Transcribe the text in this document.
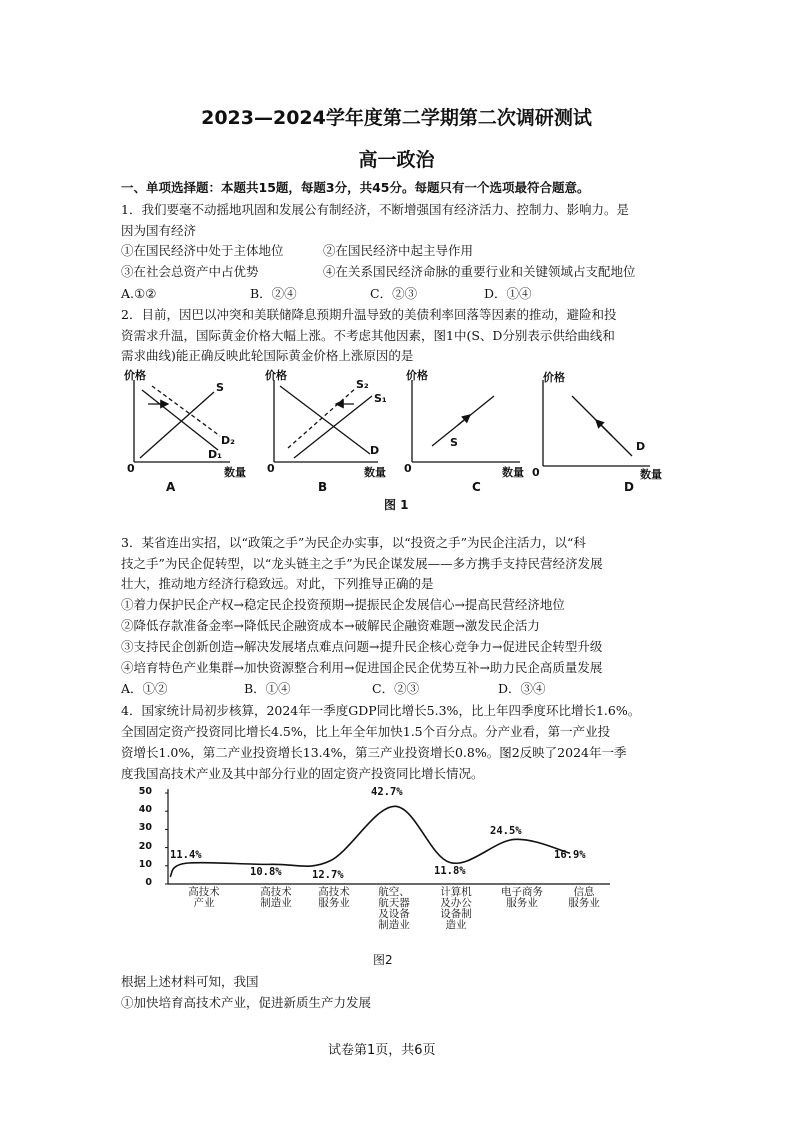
2023—2024学年度第二学期第二次调研测试
高一政治
一、单项选择题：本题共15题，每题3分，共45分。每题只有一个选项最符合题意。
1．我们要毫不动摇地巩固和发展公有制经济，不断增强国有经济活力、控制力、影响力。是
因为国有经济
①在国民经济中处于主体地位	②在国民经济中起主导作用
③在社会总资产中占优势	④在关系国民经济命脉的重要行业和关键领域占支配地位
A.①②	B．②④	C．②③	D．①④
2．目前，因巴以冲突和美联储降息预期升温导致的美债利率回落等因素的推动，避险和投
资需求升温，国际黄金价格大幅上涨。不考虑其他因素，图1中(S、D分别表示供给曲线和
需求曲线)能正确反映此轮国际黄金价格上涨原因的是
价格
0	数量
S
D₂
D₁
A
价格
0	数量
S₂
S₁
D
B
价格
0	数量
S
C
价格
0	数量
D
D
图 1
3．某省连出实招，以“政策之手”为民企办实事，以“投资之手”为民企注活力，以“科
技之手”为民企促转型，以“龙头链主之手”为民企谋发展——多方携手支持民营经济发展
壮大，推动地方经济行稳致远。对此，下列推导正确的是
①着力保护民企产权→稳定民企投资预期→提振民企发展信心→提高民营经济地位
②降低存款准备金率→降低民企融资成本→破解民企融资难题→激发民企活力
③支持民企创新创造→解决发展堵点难点问题→提升民企核心竞争力→促进民企转型升级
④培育特色产业集群→加快资源整合利用→促进国企民企优势互补→助力民企高质量发展
A．①②	B．①④	C．②③	D．③④
4．国家统计局初步核算，2024年一季度GDP同比增长5.3%，比上年四季度环比增长1.6%。
全国固定资产投资同比增长4.5%，比上年全年加快1.5个百分点。分产业看，第一产业投
资增长1.0%，第二产业投资增长13.4%，第三产业投资增长0.8%。图2反映了2024年一季
度我国高技术产业及其中部分行业的固定资产投资同比增长情况。
0
10
20
30
40
50
11.4%
10.8%	12.7%
42.7%
11.8%
24.5%
16.9%
高技术
产业
高技术
制造业
高技术
服务业
航空、
航天器
及设备
制造业
计算机
及办公
设备制
造业
电子商务
服务业
信息
服务业
图2
根据上述材料可知，我国
①加快培育高技术产业，促进新质生产力发展
试卷第1页，共6页
